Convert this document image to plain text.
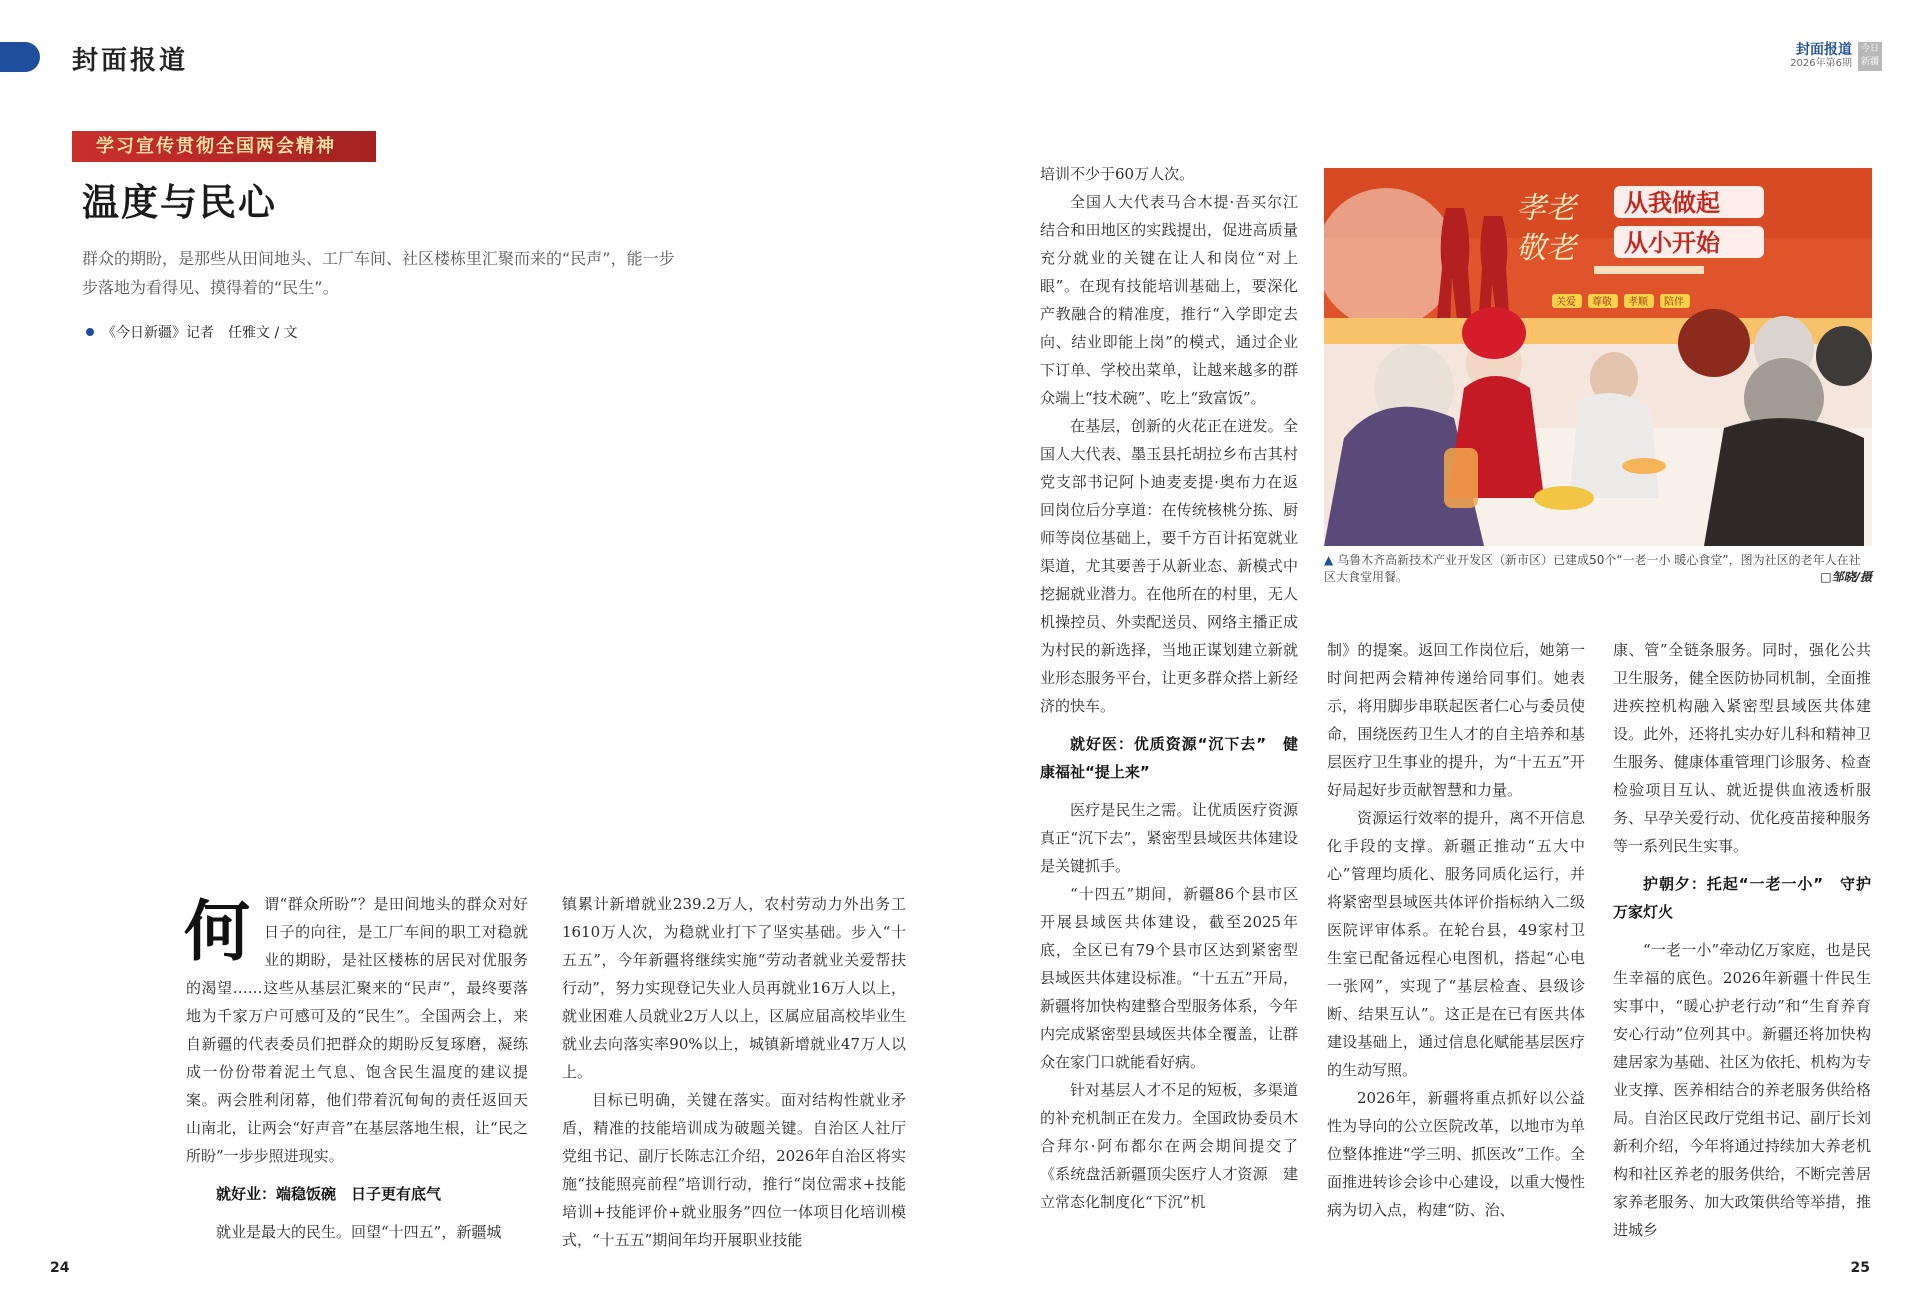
封面报道	封面报道
2026年第6期
今日新疆
学习宣传贯彻全国两会精神
温度与民心
群众的期盼，是那些从田间地头、工厂车间、社区楼栋里汇聚而来的“民声”，能一步步落地为看得见、摸得着的“民生”。
《今日新疆》记者　任雅文 / 文
何 谓“群众所盼”？是田间地头的群众对好日子的向往，是工厂车间的职工对稳就业的期盼，是社区楼栋的居民对优服务的渴望……这些从基层汇聚来的“民声”，最终要落地为千家万户可感可及的“民生”。全国两会上，来自新疆的代表委员们把群众的期盼反复琢磨，凝练成一份份带着泥土气息、饱含民生温度的建议提案。两会胜利闭幕，他们带着沉甸甸的责任返回天山南北，让两会“好声音”在基层落地生根，让“民之所盼”一步步照进现实。

就好业：端稳饭碗　日子更有底气

就业是最大的民生。回望“十四五”，新疆城

镇累计新增就业239.2万人，农村劳动力外出务工1610万人次，为稳就业打下了坚实基础。步入“十五五”，今年新疆将继续实施“劳动者就业关爱帮扶行动”，努力实现登记失业人员再就业16万人以上，就业困难人员就业2万人以上，区属应届高校毕业生就业去向落实率90%以上，城镇新增就业47万人以上。

目标已明确，关键在落实。面对结构性就业矛盾，精准的技能培训成为破题关键。自治区人社厅党组书记、副厅长陈志江介绍，2026年自治区将实施“技能照亮前程”培训行动，推行“岗位需求+技能培训+技能评价+就业服务”四位一体项目化培训模式，“十五五”期间年均开展职业技能

培训不少于60万人次。

全国人大代表马合木提·吾买尔江结合和田地区的实践提出，促进高质量充分就业的关键在让人和岗位“对上眼”。在现有技能培训基础上，要深化产教融合的精准度，推行“入学即定去向、结业即能上岗”的模式，通过企业下订单、学校出菜单，让越来越多的群众端上“技术碗”、吃上“致富饭”。

在基层，创新的火花正在迸发。全国人大代表、墨玉县托胡拉乡布古其村党支部书记阿卜迪麦麦提·奥布力在返回岗位后分享道：在传统核桃分拣、厨师等岗位基础上，要千方百计拓宽就业渠道，尤其要善于从新业态、新模式中挖掘就业潜力。在他所在的村里，无人机操控员、外卖配送员、网络主播正成为村民的新选择，当地正谋划建立新就业形态服务平台，让更多群众搭上新经济的快车。

就好医：优质资源“沉下去”　健康福祉“提上来”

医疗是民生之需。让优质医疗资源真正“沉下去”，紧密型县域医共体建设是关键抓手。

“十四五”期间，新疆86个县市区开展县域医共体建设，截至2025年底，全区已有79个县市区达到紧密型县域医共体建设标准。“十五五”开局，新疆将加快构建整合型服务体系，今年内完成紧密型县域医共体全覆盖，让群众在家门口就能看好病。

针对基层人才不足的短板，多渠道的补充机制正在发力。全国政协委员木合拜尔·阿布都尔在两会期间提交了《系统盘活新疆顶尖医疗人才资源　建立常态化制度化“下沉”机

孝老
敬老
从我做起
从小开始
关爱 尊敬 孝顺 陪伴
▲ 乌鲁木齐高新技术产业开发区（新市区）已建成50个“一老一小 暖心食堂”，图为社区的老年人在社区大食堂用餐。	□邹晓/摄

制》的提案。返回工作岗位后，她第一时间把两会精神传递给同事们。她表示，将用脚步串联起医者仁心与委员使命，围绕医药卫生人才的自主培养和基层医疗卫生事业的提升，为“十五五”开好局起好步贡献智慧和力量。

资源运行效率的提升，离不开信息化手段的支撑。新疆正推动“五大中心”管理均质化、服务同质化运行，并将紧密型县域医共体评价指标纳入二级医院评审体系。在轮台县，49家村卫生室已配备远程心电图机，搭起“心电一张网”，实现了“基层检查、县级诊断、结果互认”。这正是在已有医共体建设基础上，通过信息化赋能基层医疗的生动写照。

2026年，新疆将重点抓好以公益性为导向的公立医院改革，以地市为单位整体推进“学三明、抓医改”工作。全面推进转诊会诊中心建设，以重大慢性病为切入点，构建“防、治、

康、管”全链条服务。同时，强化公共卫生服务，健全医防协同机制，全面推进疾控机构融入紧密型县域医共体建设。此外，还将扎实办好儿科和精神卫生服务、健康体重管理门诊服务、检查检验项目互认、就近提供血液透析服务、早孕关爱行动、优化疫苗接种服务等一系列民生实事。

护朝夕：托起“一老一小”　守护万家灯火

“一老一小”牵动亿万家庭，也是民生幸福的底色。2026年新疆十件民生实事中，“暖心护老行动”和“生育养育安心行动”位列其中。新疆还将加快构建居家为基础、社区为依托、机构为专业支撑、医养相结合的养老服务供给格局。自治区民政厅党组书记、副厅长刘新利介绍，今年将通过持续加大养老机构和社区养老的服务供给，不断完善居家养老服务、加大政策供给等举措，推进城乡

24	25
